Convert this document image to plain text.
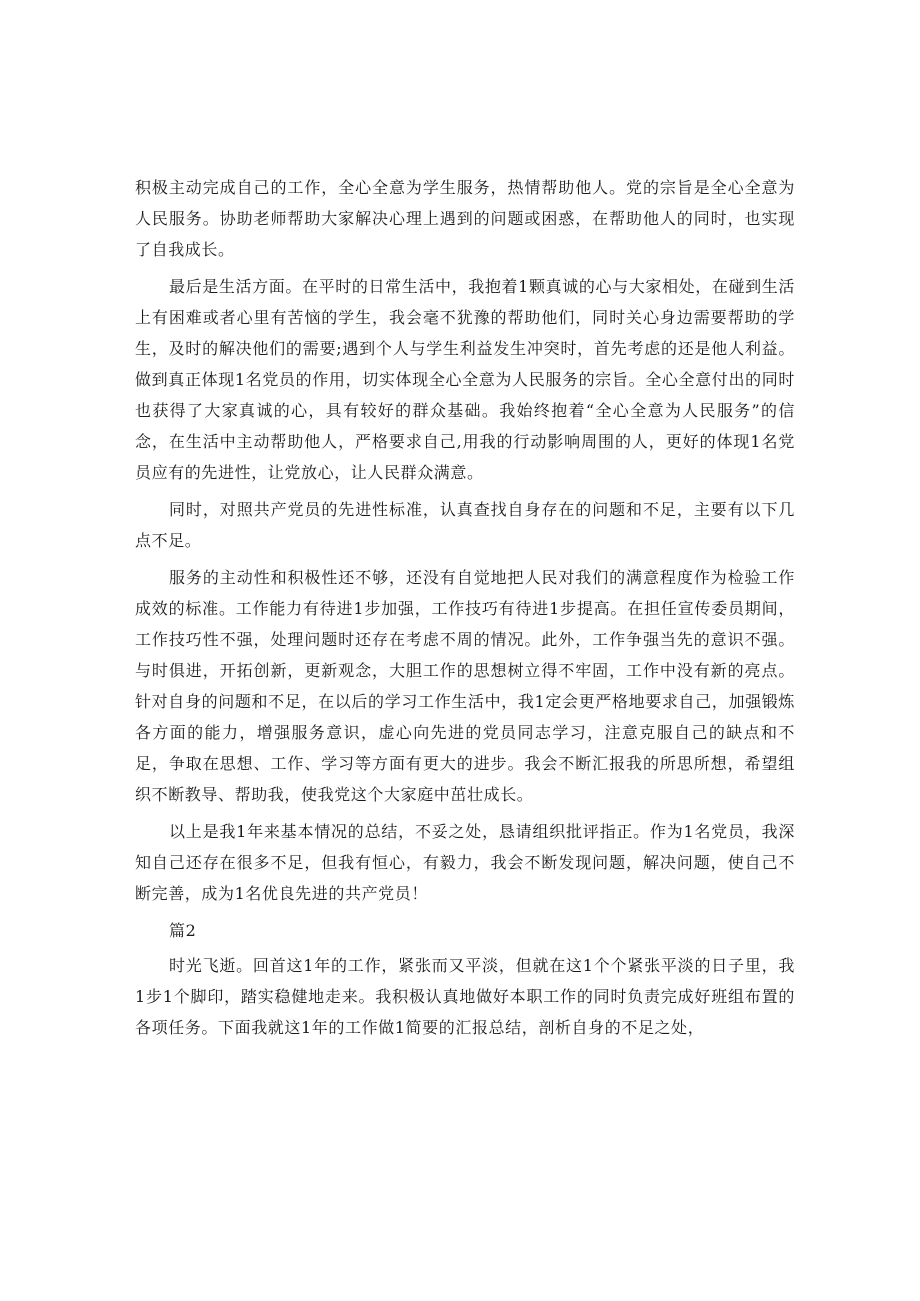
积极主动完成自己的工作，全心全意为学生服务，热情帮助他人。党的宗旨是全心全意为人民服务。协助老师帮助大家解决心理上遇到的问题或困惑，在帮助他人的同时，也实现了自我成长。

最后是生活方面。在平时的日常生活中，我抱着1颗真诚的心与大家相处，在碰到生活上有困难或者心里有苦恼的学生，我会毫不犹豫的帮助他们，同时关心身边需要帮助的学生，及时的解决他们的需要;遇到个人与学生利益发生冲突时，首先考虑的还是他人利益。做到真正体现1名党员的作用，切实体现全心全意为人民服务的宗旨。全心全意付出的同时也获得了大家真诚的心，具有较好的群众基础。我始终抱着“全心全意为人民服务”的信念，在生活中主动帮助他人，严格要求自己,用我的行动影响周围的人，更好的体现1名党员应有的先进性，让党放心，让人民群众满意。

同时，对照共产党员的先进性标准，认真查找自身存在的问题和不足，主要有以下几点不足。

服务的主动性和积极性还不够，还没有自觉地把人民对我们的满意程度作为检验工作成效的标准。工作能力有待进1步加强，工作技巧有待进1步提高。在担任宣传委员期间，工作技巧性不强，处理问题时还存在考虑不周的情况。此外，工作争强当先的意识不强。与时俱进，开拓创新，更新观念，大胆工作的思想树立得不牢固，工作中没有新的亮点。针对自身的问题和不足，在以后的学习工作生活中，我1定会更严格地要求自己，加强锻炼各方面的能力，增强服务意识，虚心向先进的党员同志学习，注意克服自己的缺点和不足，争取在思想、工作、学习等方面有更大的进步。我会不断汇报我的所思所想，希望组织不断教导、帮助我，使我党这个大家庭中茁壮成长。

以上是我1年来基本情况的总结，不妥之处，恳请组织批评指正。作为1名党员，我深知自己还存在很多不足，但我有恒心，有毅力，我会不断发现问题，解决问题，使自己不断完善，成为1名优良先进的共产党员！

篇2

时光飞逝。回首这1年的工作，紧张而又平淡，但就在这1个个紧张平淡的日子里，我1步1个脚印，踏实稳健地走来。我积极认真地做好本职工作的同时负责完成好班组布置的各项任务。下面我就这1年的工作做1简要的汇报总结，剖析自身的不足之处，
